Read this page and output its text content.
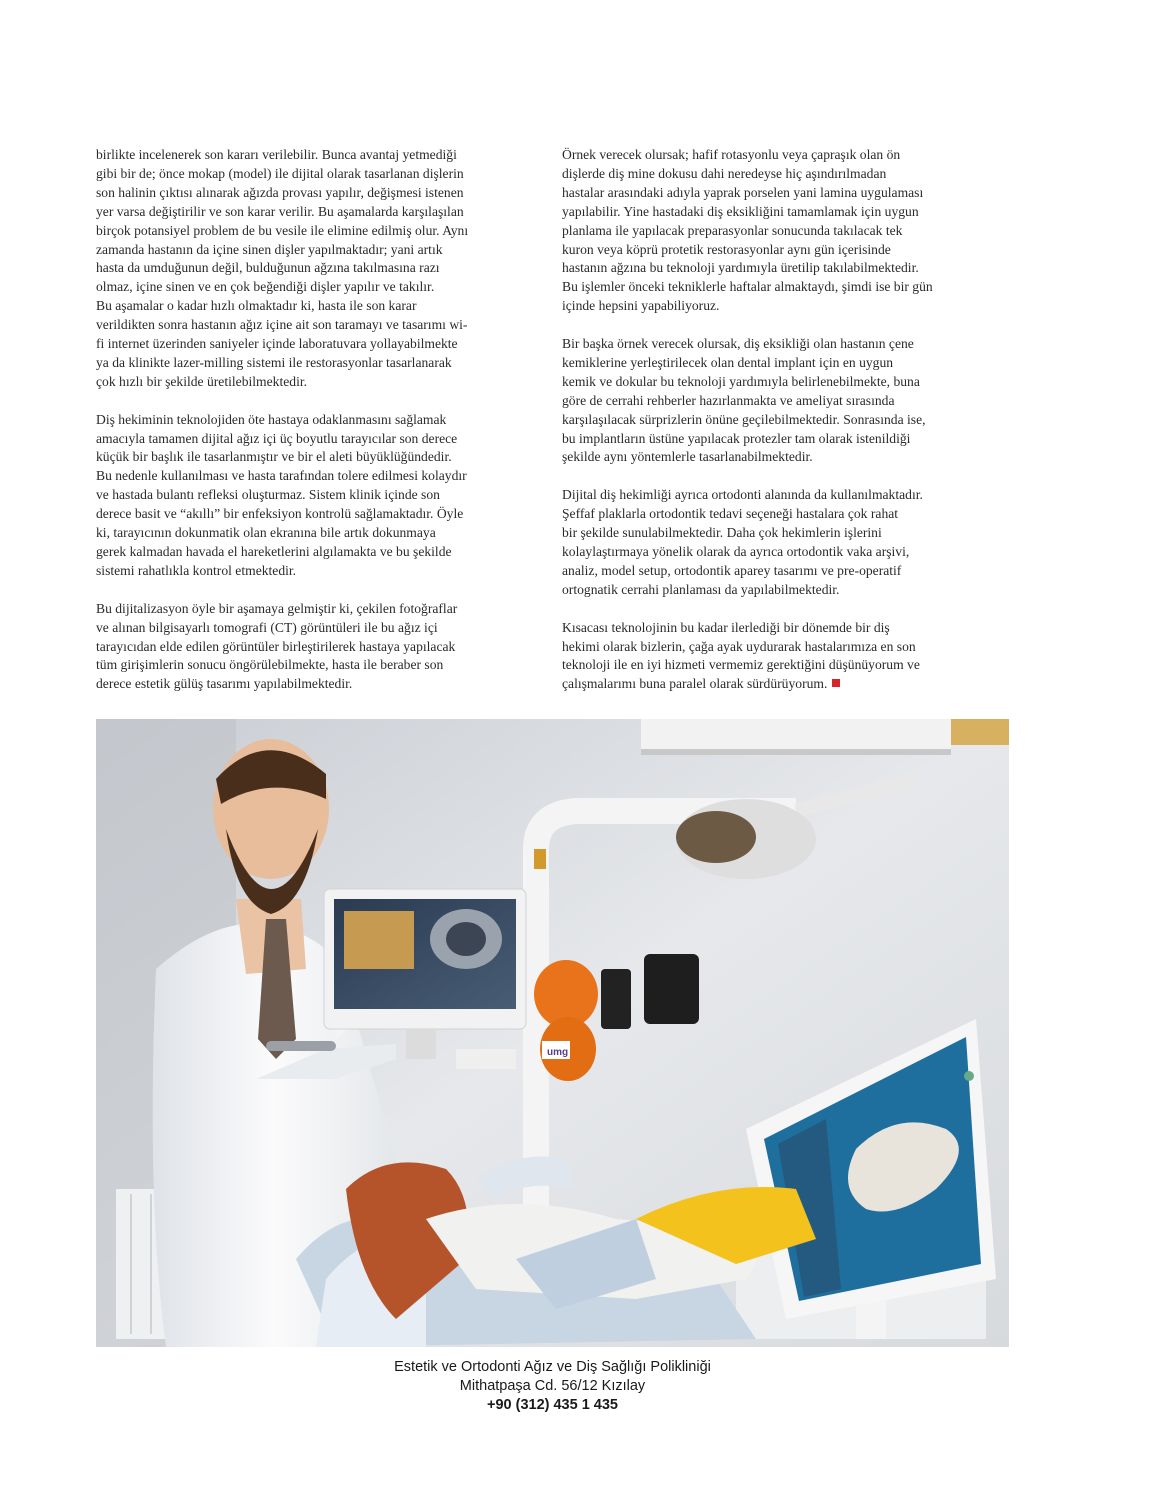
birlikte incelenerek son kararı verilebilir. Bunca avantaj yetmediği
gibi bir de; önce mokap (model) ile dijital olarak tasarlanan dişlerin
son halinin çıktısı alınarak ağızda provası yapılır, değişmesi istenen
yer varsa değiştirilir ve son karar verilir. Bu aşamalarda karşılaşılan
birçok potansiyel problem de bu vesile ile elimine edilmiş olur. Aynı
zamanda hastanın da içine sinen dişler yapılmaktadır; yani artık
hasta da umduğunun değil, bulduğunun ağzına takılmasına razı
olmaz, içine sinen ve en çok beğendiği dişler yapılır ve takılır.
Bu aşamalar o kadar hızlı olmaktadır ki, hasta ile son karar
verildikten sonra hastanın ağız içine ait son taramayı ve tasarımı wi-
fi internet üzerinden saniyeler içinde laboratuvara yollayabilmekte
ya da klinikte lazer-milling sistemi ile restorasyonlar tasarlanarak
çok hızlı bir şekilde üretilebilmektedir.

Diş hekiminin teknolojiden öte hastaya odaklanmasını sağlamak
amacıyla tamamen dijital ağız içi üç boyutlu tarayıcılar son derece
küçük bir başlık ile tasarlanmıştır ve bir el aleti büyüklüğündedir.
Bu nedenle kullanılması ve hasta tarafından tolere edilmesi kolaydır
ve hastada bulantı refleksi oluşturmaz. Sistem klinik içinde son
derece basit ve “akıllı” bir enfeksiyon kontrolü sağlamaktadır. Öyle
ki, tarayıcının dokunmatik olan ekranına bile artık dokunmaya
gerek kalmadan havada el hareketlerini algılamakta ve bu şekilde
sistemi rahatlıkla kontrol etmektedir.

Bu dijitalizasyon öyle bir aşamaya gelmiştir ki, çekilen fotoğraflar
ve alınan bilgisayarlı tomografi (CT) görüntüleri ile bu ağız içi
tarayıcıdan elde edilen görüntüler birleştirilerek hastaya yapılacak
tüm girişimlerin sonucu öngörülebilmekte, hasta ile beraber son
derece estetik gülüş tasarımı yapılabilmektedir.

Örnek verecek olursak; hafif rotasyonlu veya çapraşık olan ön
dişlerde diş mine dokusu dahi neredeyse hiç aşındırılmadan
hastalar arasındaki adıyla yaprak porselen yani lamina uygulaması
yapılabilir. Yine hastadaki diş eksikliğini tamamlamak için uygun
planlama ile yapılacak preparasyonlar sonucunda takılacak tek
kuron veya köprü protetik restorasyonlar aynı gün içerisinde
hastanın ağzına bu teknoloji yardımıyla üretilip takılabilmektedir.
Bu işlemler önceki tekniklerle haftalar almaktaydı, şimdi ise bir gün
içinde hepsini yapabiliyoruz.

Bir başka örnek verecek olursak, diş eksikliği olan hastanın çene
kemiklerine yerleştirilecek olan dental implant için en uygun
kemik ve dokular bu teknoloji yardımıyla belirlenebilmekte, buna
göre de cerrahi rehberler hazırlanmakta ve ameliyat sırasında
karşılaşılacak sürprizlerin önüne geçilebilmektedir. Sonrasında ise,
bu implantların üstüne yapılacak protezler tam olarak istenildiği
şekilde aynı yöntemlerle tasarlanabilmektedir.

Dijital diş hekimliği ayrıca ortodonti alanında da kullanılmaktadır.
Şeffaf plaklarla ortodontik tedavi seçeneği hastalara çok rahat
bir şekilde sunulabilmektedir. Daha çok hekimlerin işlerini
kolaylaştırmaya yönelik olarak da ayrıca ortodontik vaka arşivi,
analiz, model setup, ortodontik aparey tasarımı ve pre-operatif
ortognatik cerrahi planlaması da yapılabilmektedir.

Kısacası teknolojinin bu kadar ilerlediği bir dönemde bir diş
hekimi olarak bizlerin, çağa ayak uydurarak hastalarımıza en son
teknoloji ile en iyi hizmeti vermemiz gerektiğini düşünüyorum ve
çalışmalarımı buna paralel olarak sürdürüyorum.

umg
Estetik ve Ortodonti Ağız ve Diş Sağlığı Polikliniği
Mithatpaşa Cd. 56/12 Kızılay
+90 (312) 435 1 435
